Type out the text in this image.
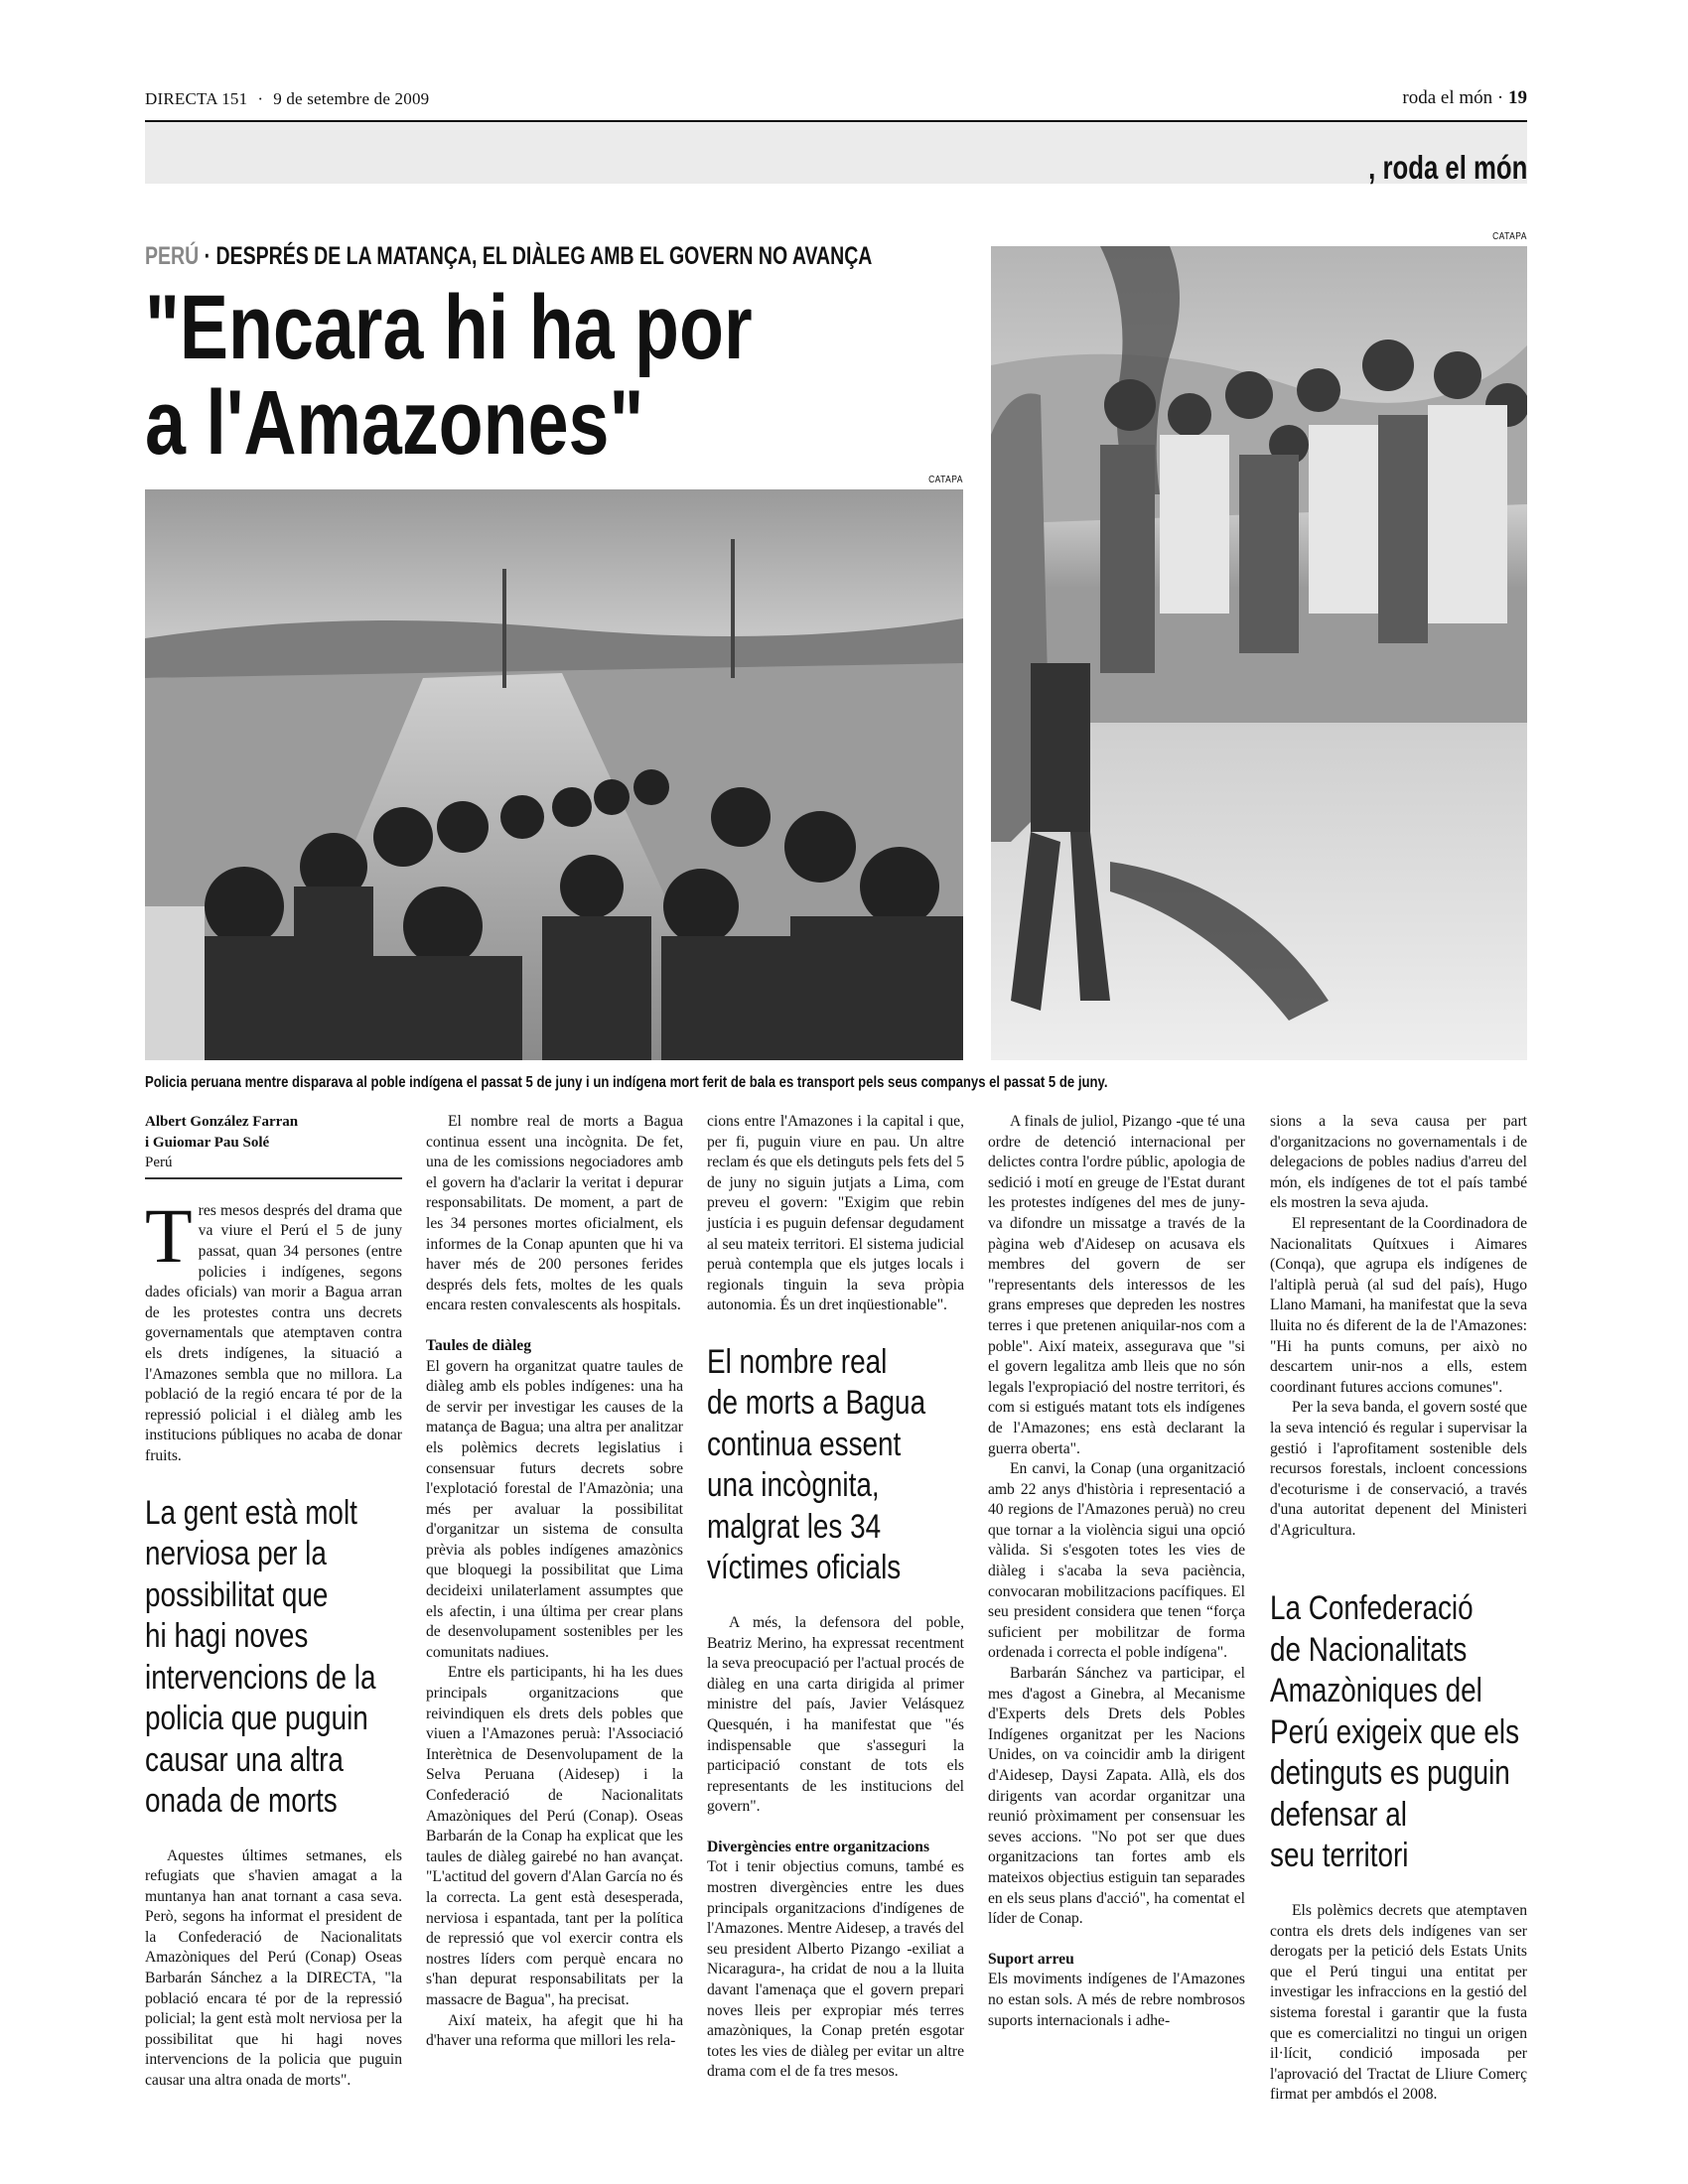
DIRECTA 151 · 9 de setembre de 2009	roda el món · 19
, roda el món
CATAPA
CATAPA
PERÚ · DESPRÉS DE LA MATANÇA, EL DIÀLEG AMB EL GOVERN NO AVANÇA
"Encara hi ha por
a l'Amazones"
Policia peruana mentre disparava al poble indígena el passat 5 de juny i un indígena mort ferit de bala es transport pels seus companys el passat 5 de juny.
Albert González Farran
i Guiomar Pau Solé
Perú

Tres mesos després del drama que va viure el Perú el 5 de juny passat, quan 34 persones (entre policies i indígenes, segons dades oficials) van morir a Bagua arran de les protestes contra uns decrets governamentals que atemptaven contra els drets indígenes, la situació a l'Amazones sembla que no millora. La població de la regió encara té por de la repressió policial i el diàleg amb les institucions públiques no acaba de donar fruits.

La gent està molt
nerviosa per la
possibilitat que
hi hagi noves
intervencions de la
policia que puguin
causar una altra
onada de morts

Aquestes últimes setmanes, els refugiats que s'havien amagat a la muntanya han anat tornant a casa seva. Però, segons ha informat el president de la Confederació de Nacionalitats Amazòniques del Perú (Conap) Oseas Barbarán Sánchez a la DIRECTA, "la població encara té por de la repressió policial; la gent està molt nerviosa per la possibilitat que hi hagi noves intervencions de la policia que puguin causar una altra onada de morts".

El nombre real de morts a Bagua continua essent una incògnita. De fet, una de les comissions negociadores amb el govern ha d'aclarir la veritat i depurar responsabilitats. De moment, a part de les 34 persones mortes oficialment, els informes de la Conap apunten que hi va haver més de 200 persones ferides després dels fets, moltes de les quals encara resten convalescents als hospitals.

Taules de diàleg

El govern ha organitzat quatre taules de diàleg amb els pobles indígenes: una ha de servir per investigar les causes de la matança de Bagua; una altra per analitzar els polèmics decrets legislatius i consensuar futurs decrets sobre l'explotació forestal de l'Amazònia; una més per avaluar la possibilitat d'organitzar un sistema de consulta prèvia als pobles indígenes amazònics que bloquegi la possibilitat que Lima decideixi unilaterlament assumptes que els afectin, i una última per crear plans de desenvolupament sostenibles per les comunitats nadiues.

Entre els participants, hi ha les dues principals organitzacions que reivindiquen els drets dels pobles que viuen a l'Amazones peruà: l'Associació Interètnica de Desenvolupament de la Selva Peruana (Aidesep) i la Confederació de Nacionalitats Amazòniques del Perú (Conap). Oseas Barbarán de la Conap ha explicat que les taules de diàleg gairebé no han avançat. "L'actitud del govern d'Alan García no és la correcta. La gent està desesperada, nerviosa i espantada, tant per la política de repressió que vol exercir contra els nostres líders com perquè encara no s'han depurat responsabilitats per la massacre de Bagua", ha precisat.

Així mateix, ha afegit que hi ha d'haver una reforma que millori les rela-

cions entre l'Amazones i la capital i que, per fi, puguin viure en pau. Un altre reclam és que els detinguts pels fets del 5 de juny no siguin jutjats a Lima, com preveu el govern: "Exigim que rebin justícia i es puguin defensar degudament al seu mateix territori. El sistema judicial peruà contempla que els jutges locals i regionals tinguin la seva pròpia autonomia. És un dret inqüestionable".

El nombre real
de morts a Bagua
continua essent
una incògnita,
malgrat les 34
víctimes oficials

A més, la defensora del poble, Beatriz Merino, ha expressat recentment la seva preocupació per l'actual procés de diàleg en una carta dirigida al primer ministre del país, Javier Velásquez Quesquén, i ha manifestat que "és indispensable que s'asseguri la participació constant de tots els representants de les institucions del govern".

Divergències entre organitzacions

Tot i tenir objectius comuns, també es mostren divergències entre les dues principals organitzacions d'indígenes de l'Amazones. Mentre Aidesep, a través del seu president Alberto Pizango -exiliat a Nicaragura-, ha cridat de nou a la lluita davant l'amenaça que el govern prepari noves lleis per expropiar més terres amazòniques, la Conap pretén esgotar totes les vies de diàleg per evitar un altre drama com el de fa tres mesos.

A finals de juliol, Pizango -que té una ordre de detenció internacional per delictes contra l'ordre públic, apologia de sedició i motí en greuge de l'Estat durant les protestes indígenes del mes de juny- va difondre un missatge a través de la pàgina web d'Aidesep on acusava els membres del govern de ser "representants dels interessos de les grans empreses que depreden les nostres terres i que pretenen aniquilar-nos com a poble". Així mateix, assegurava que "si el govern legalitza amb lleis que no són legals l'expropiació del nostre territori, és com si estigués matant tots els indígenes de l'Amazones; ens està declarant la guerra oberta".

En canvi, la Conap (una organització amb 22 anys d'història i representació a 40 regions de l'Amazones peruà) no creu que tornar a la violència sigui una opció vàlida. Si s'esgoten totes les vies de diàleg i s'acaba la seva paciència, convocaran mobilitzacions pacífiques. El seu president considera que tenen “força suficient per mobilitzar de forma ordenada i correcta el poble indígena".

Barbarán Sánchez va participar, el mes d'agost a Ginebra, al Mecanisme d'Experts dels Drets dels Pobles Indígenes organitzat per les Nacions Unides, on va coincidir amb la dirigent d'Aidesep, Daysi Zapata. Allà, els dos dirigents van acordar organitzar una reunió pròximament per consensuar les seves accions. "No pot ser que dues organitzacions tan fortes amb els mateixos objectius estiguin tan separades en els seus plans d'acció", ha comentat el líder de Conap.

Suport arreu

Els moviments indígenes de l'Amazones no estan sols. A més de rebre nombrosos suports internacionals i adhe-

sions a la seva causa per part d'organitzacions no governamentals i de delegacions de pobles nadius d'arreu del món, els indígenes de tot el país també els mostren la seva ajuda.

El representant de la Coordinadora de Nacionalitats Quítxues i Aimares (Conqa), que agrupa els indígenes de l'altiplà peruà (al sud del país), Hugo Llano Mamani, ha manifestat que la seva lluita no és diferent de la de l'Amazones: "Hi ha punts comuns, per això no descartem unir-nos a ells, estem coordinant futures accions comunes".

Per la seva banda, el govern sosté que la seva intenció és regular i supervisar la gestió i l'aprofitament sostenible dels recursos forestals, incloent concessions d'ecoturisme i de conservació, a través d'una autoritat depenent del Ministeri d'Agricultura.

La Confederació
de Nacionalitats
Amazòniques del
Perú exigeix que els
detinguts es puguin
defensar al
seu territori

Els polèmics decrets que atemptaven contra els drets dels indígenes van ser derogats per la petició dels Estats Units que el Perú tingui una entitat per investigar les infraccions en la gestió del sistema forestal i garantir que la fusta que es comercialitzi no tingui un origen il·lícit, condició imposada per l'aprovació del Tractat de Lliure Comerç firmat per ambdós el 2008.
